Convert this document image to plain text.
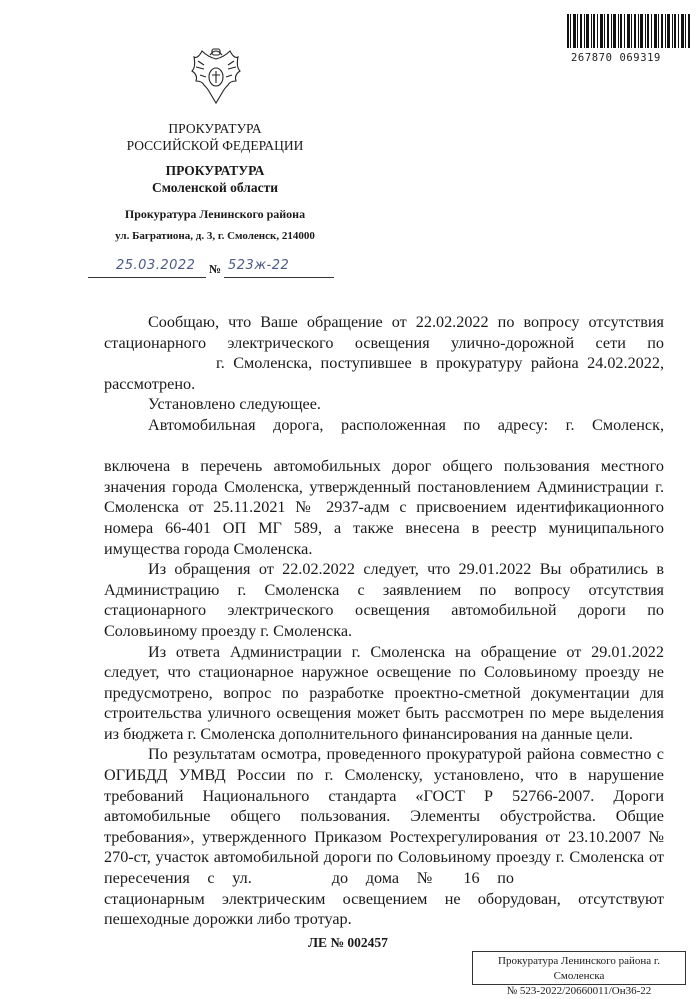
267870 069319
ПРОКУРАТУРА
РОССИЙСКОЙ ФЕДЕРАЦИИ
ПРОКУРАТУРА
Смоленской области
Прокуратура Ленинского района
ул. Багратиона, д. 3, г. Смоленск, 214000
25.03.2022 № 523ж-22

Сообщаю, что Ваше обращение от 22.02.2022 по вопросу отсутствия стационарного электрического освещения улично-дорожной сети пог. Смоленска, поступившее в прокуратуру района 24.02.2022, рассмотрено.

Установлено следующее.

Автомобильная дорога, расположенная по адресу: г. Смоленск,включена в перечень автомобильных дорог общего пользования местного значения города Смоленска, утвержденный постановлением Администрации г. Смоленска от 25.11.2021 № 2937-адм с присвоением идентификационного номера 66-401 ОП МГ 589, а также внесена в реестр муниципального имущества города Смоленска.

Из обращения от 22.02.2022 следует, что 29.01.2022 Вы обратились в Администрацию г. Смоленска с заявлением по вопросу отсутствия стационарного электрического освещения автомобильной дороги по Соловьиному проезду г. Смоленска.

Из ответа Администрации г. Смоленска на обращение от 29.01.2022 следует, что стационарное наружное освещение по Соловьиному проезду не предусмотрено, вопрос по разработке проектно-сметной документации для строительства уличного освещения может быть рассмотрен по мере выделения из бюджета г. Смоленска дополнительного финансирования на данные цели.

По результатам осмотра, проведенного прокуратурой района совместно с ОГИБДД УМВД России по г. Смоленску, установлено, что в нарушение требований Национального стандарта «ГОСТ Р 52766-2007. Дороги автомобильные общего пользования. Элементы обустройства. Общие требования», утвержденного Приказом Ростехрегулирования от 23.10.2007 № 270-ст, участок автомобильной дороги по Соловьиному проезду г. Смоленска от пересечения с ул.	до дома № 16 постационарным электрическим освещением не оборудован, отсутствуют пешеходные дорожки либо тротуар.

ЛЕ № 002457
Прокуратура Ленинского района г. Смоленска
№ 523-2022/20660011/Он36-22
